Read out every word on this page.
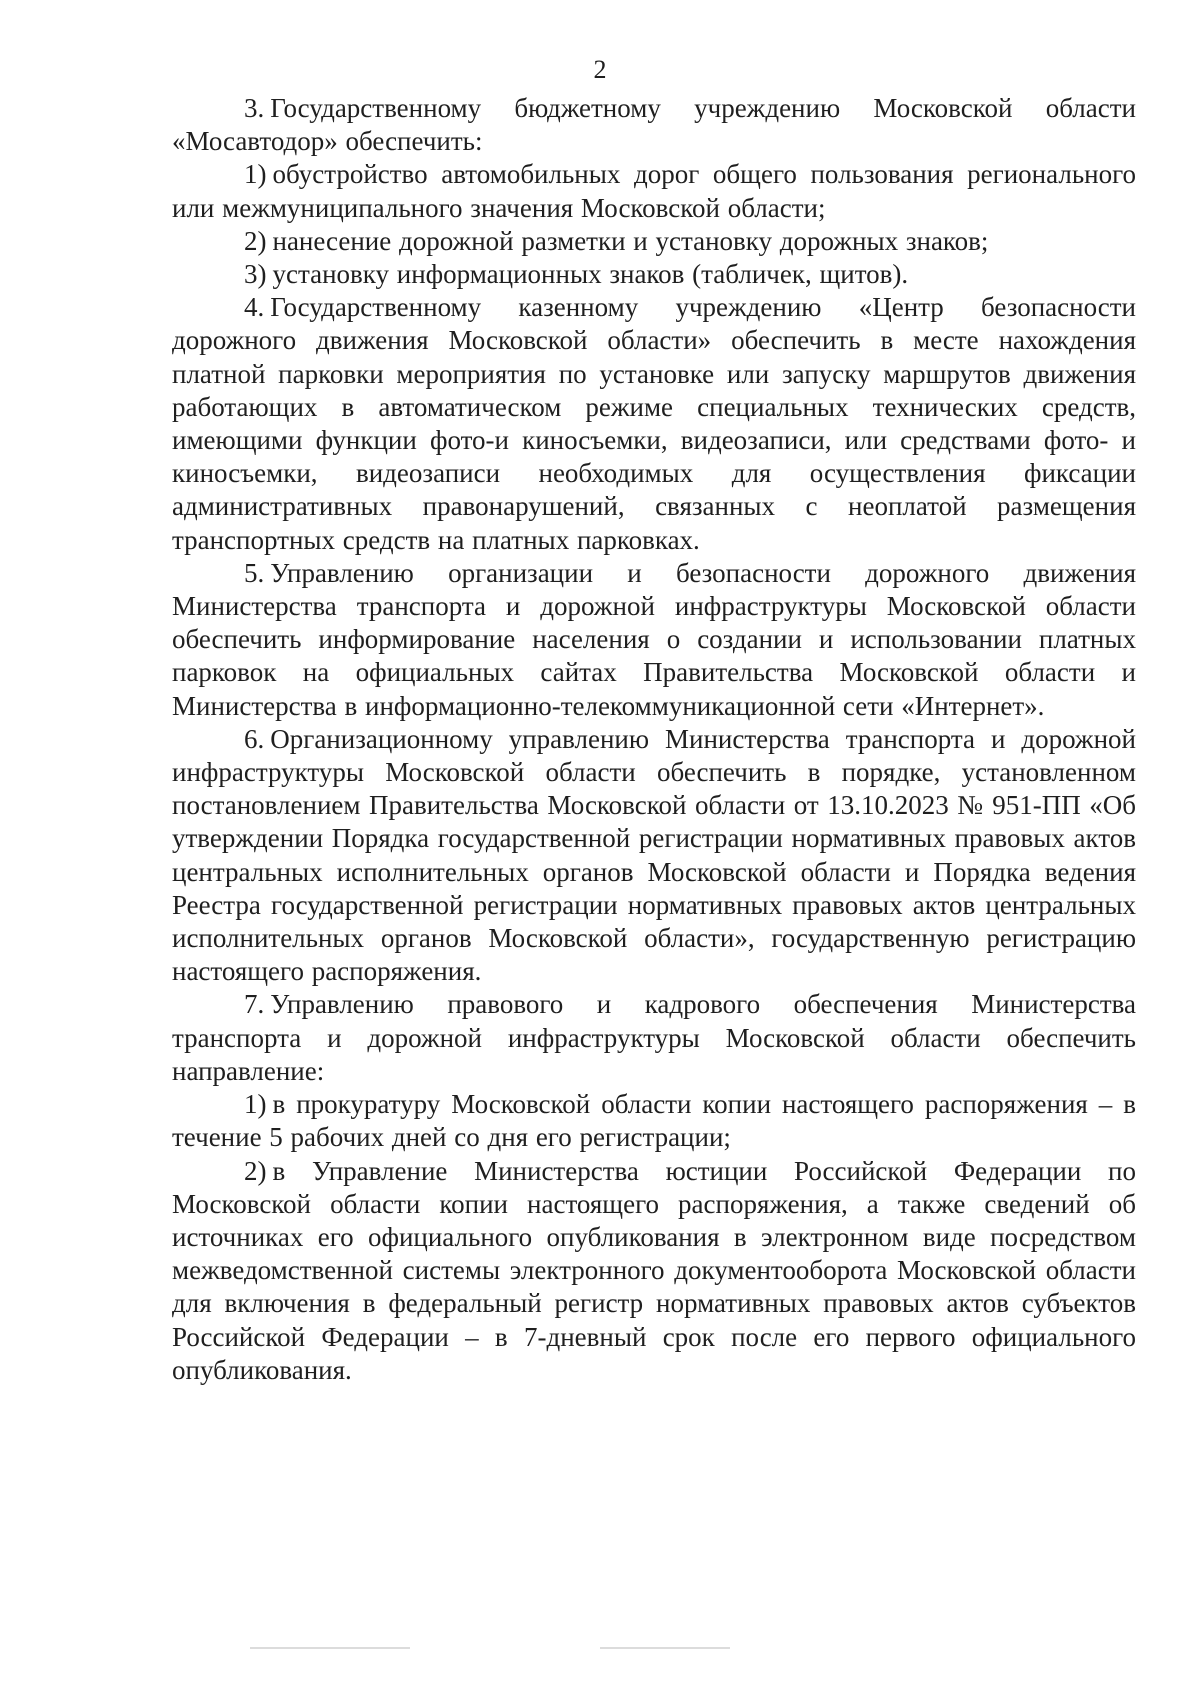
2

3. Государственному бюджетному учреждению Московской области «Мосавтодор» обеспечить:

1) обустройство автомобильных дорог общего пользования регионального или межмуниципального значения Московской области;

2) нанесение дорожной разметки и установку дорожных знаков;

3) установку информационных знаков (табличек, щитов).

4. Государственному казенному учреждению «Центр безопасности дорожного движения Московской области» обеспечить в месте нахождения платной парковки мероприятия по установке или запуску маршрутов движения работающих в автоматическом режиме специальных технических средств, имеющими функции фото-и киносъемки, видеозаписи, или средствами фото- и киносъемки, видеозаписи необходимых для осуществления фиксации административных правонарушений, связанных с неоплатой размещения транспортных средств на платных парковках.

5. Управлению организации и безопасности дорожного движения Министерства транспорта и дорожной инфраструктуры Московской области обеспечить информирование населения о создании и использовании платных парковок на официальных сайтах Правительства Московской области и Министерства в информационно-телекоммуникационной сети «Интернет».

6. Организационному управлению Министерства транспорта и дорожной инфраструктуры Московской области обеспечить в порядке, установленном постановлением Правительства Московской области от 13.10.2023 № 951-ПП «Об утверждении Порядка государственной регистрации нормативных правовых актов центральных исполнительных органов Московской области и Порядка ведения Реестра государственной регистрации нормативных правовых актов центральных исполнительных органов Московской области», государственную регистрацию настоящего распоряжения.

7. Управлению правового и кадрового обеспечения Министерства транспорта и дорожной инфраструктуры Московской области обеспечить направление:

1) в прокуратуру Московской области копии настоящего распоряжения – в течение 5 рабочих дней со дня его регистрации;

2) в Управление Министерства юстиции Российской Федерации по Московской области копии настоящего распоряжения, а также сведений об источниках его официального опубликования в электронном виде посредством межведомственной системы электронного документооборота Московской области для включения в федеральный регистр нормативных правовых актов субъектов Российской Федерации – в 7-дневный срок после его первого официального опубликования.
